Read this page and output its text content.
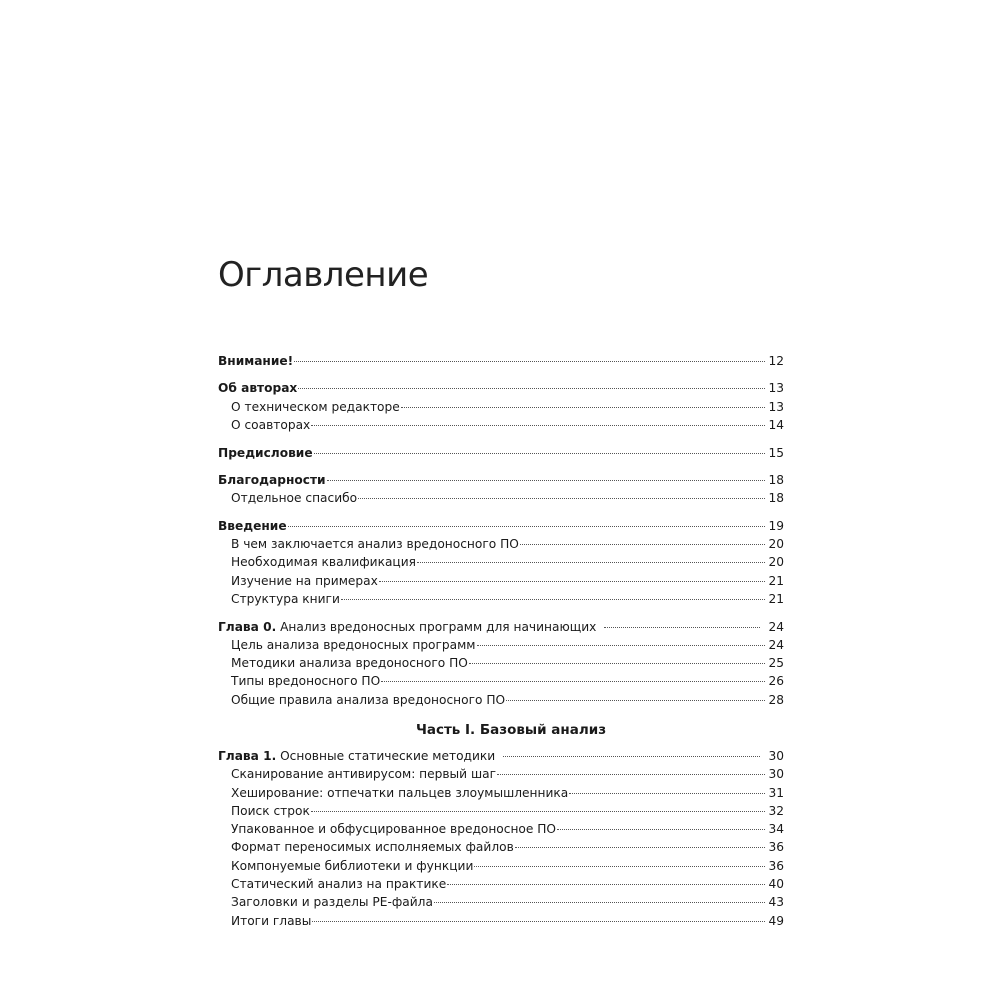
Оглавление
Внимание!	12
Об авторах	13
О техническом редакторе	13
О соавторах	14
Предисловие	15
Благодарности	18
Отдельное спасибо	18
Введение	19
В чем заключается анализ вредоносного ПО	20
Необходимая квалификация	20
Изучение на примерах	21
Структура книги	21
Глава 0. Анализ вредоносных программ для начинающих	24
Цель анализа вредоносных программ	24
Методики анализа вредоносного ПО	25
Типы вредоносного ПО	26
Общие правила анализа вредоносного ПО	28
Часть I. Базовый анализ
Глава 1. Основные статические методики	30
Сканирование антивирусом: первый шаг	30
Хеширование: отпечатки пальцев злоумышленника	31
Поиск строк	32
Упакованное и обфусцированное вредоносное ПО	34
Формат переносимых исполняемых файлов	36
Компонуемые библиотеки и функции	36
Статический анализ на практике	40
Заголовки и разделы PE-файла	43
Итоги главы	49
